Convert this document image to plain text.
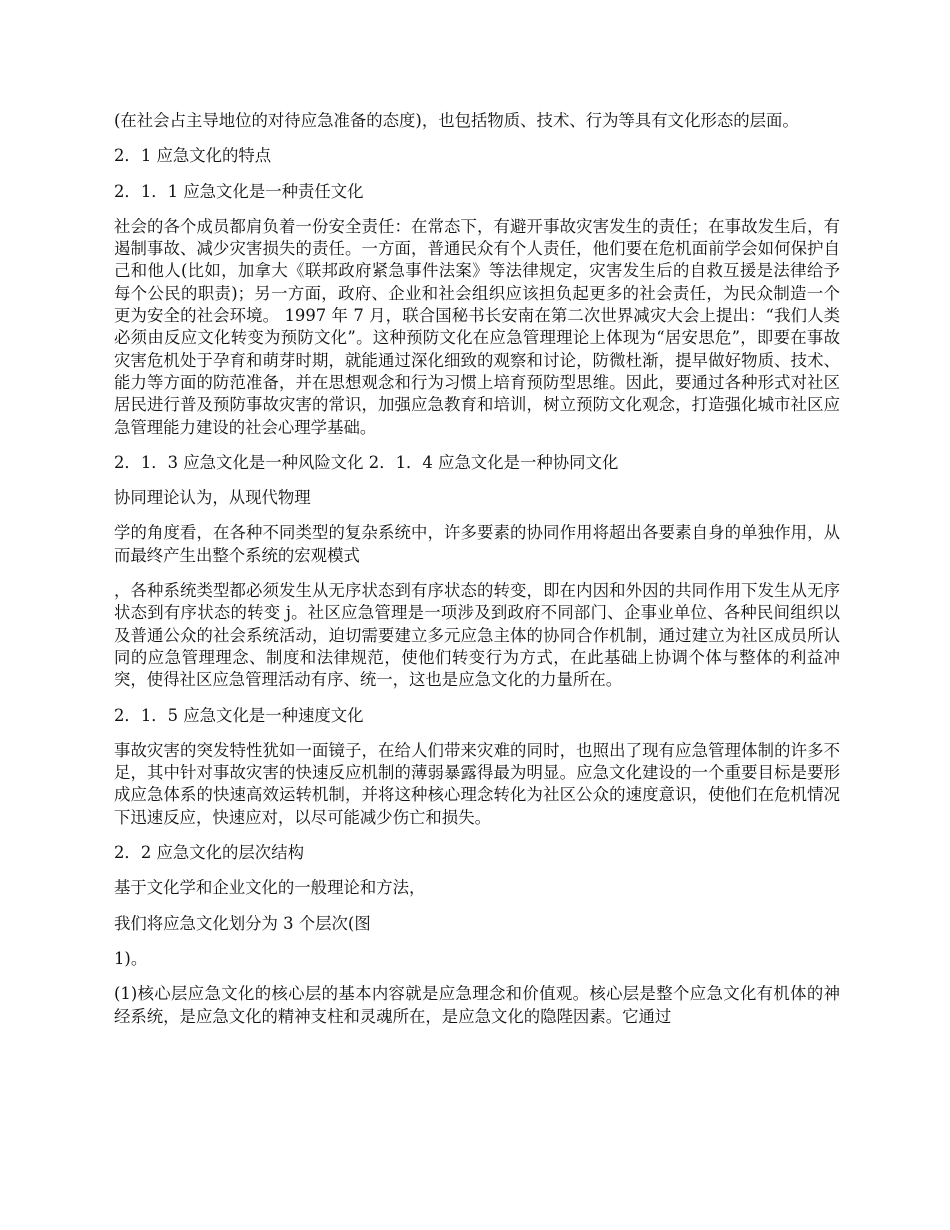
(在社会占主导地位的对待应急准备的态度)，也包括物质、技术、行为等具有文化形态的层面。

2．1 应急文化的特点

2．1．1 应急文化是一种责任文化

社会的各个成员都肩负着一份安全责任：在常态下，有避开事故灾害发生的责任；在事故发生后，有遏制事故、减少灾害损失的责任。一方面，普通民众有个人责任，他们要在危机面前学会如何保护自己和他人(比如，加拿大《联邦政府紧急事件法案》等法律规定，灾害发生后的自救互援是法律给予每个公民的职责)；另一方面，政府、企业和社会组织应该担负起更多的社会责任，为民众制造一个更为安全的社会环境。 1997 年 7 月，联合国秘书长安南在第二次世界减灾大会上提出：“我们人类必须由反应文化转变为预防文化”。这种预防文化在应急管理理论上体现为“居安思危”，即要在事故灾害危机处于孕育和萌芽时期，就能通过深化细致的观察和讨论，防微杜渐，提早做好物质、技术、能力等方面的防范准备，并在思想观念和行为习惯上培育预防型思维。因此，要通过各种形式对社区居民进行普及预防事故灾害的常识，加强应急教育和培训，树立预防文化观念，打造强化城市社区应急管理能力建设的社会心理学基础。

2．1．3 应急文化是一种风险文化 2．1．4 应急文化是一种协同文化

协同理论认为，从现代物理

学的角度看，在各种不同类型的复杂系统中，许多要素的协同作用将超出各要素自身的单独作用，从而最终产生出整个系统的宏观模式

，各种系统类型都必须发生从无序状态到有序状态的转变，即在内因和外因的共同作用下发生从无序状态到有序状态的转变 j。社区应急管理是一项涉及到政府不同部门、企事业单位、各种民间组织以及普通公众的社会系统活动，迫切需要建立多元应急主体的协同合作机制，通过建立为社区成员所认同的应急管理理念、制度和法律规范，使他们转变行为方式，在此基础上协调个体与整体的利益冲突，使得社区应急管理活动有序、统一，这也是应急文化的力量所在。

2．1．5 应急文化是一种速度文化

事故灾害的突发特性犹如一面镜子，在给人们带来灾难的同时，也照出了现有应急管理体制的许多不足，其中针对事故灾害的快速反应机制的薄弱暴露得最为明显。应急文化建设的一个重要目标是要形成应急体系的快速高效运转机制，并将这种核心理念转化为社区公众的速度意识，使他们在危机情况下迅速反应，快速应对，以尽可能减少伤亡和损失。

2．2 应急文化的层次结构

基于文化学和企业文化的一般理论和方法，

我们将应急文化划分为 3 个层次(图

1)。

(1)核心层应急文化的核心层的基本内容就是应急理念和价值观。核心层是整个应急文化有机体的神经系统，是应急文化的精神支柱和灵魂所在，是应急文化的隐陛因素。它通过
